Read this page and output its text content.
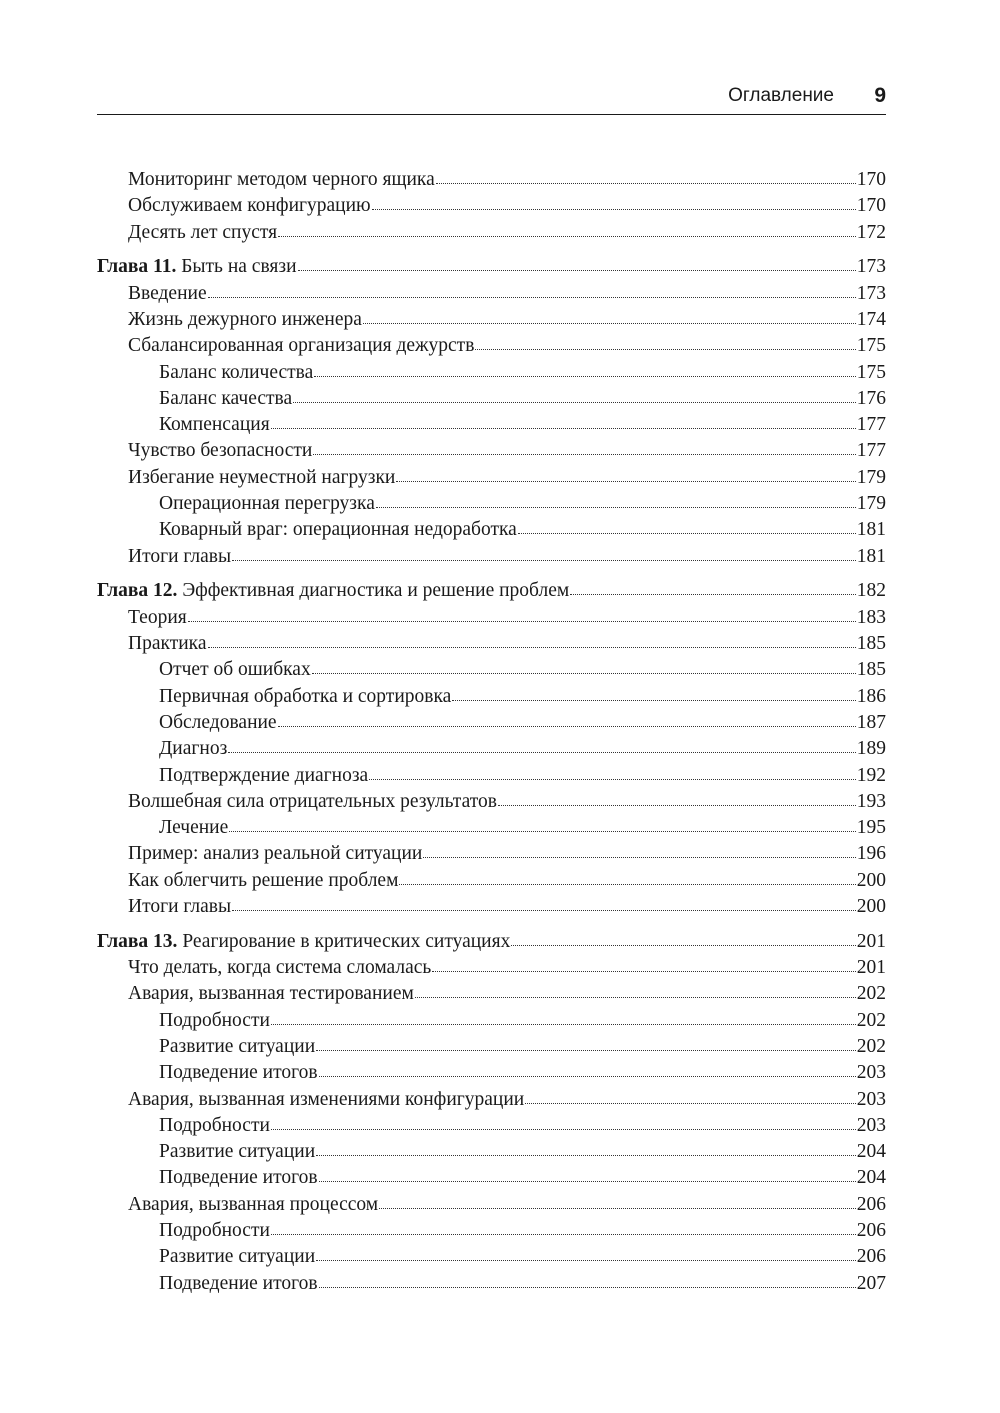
Оглавление 9
Мониторинг методом черного ящика	170
Обслуживаем конфигурацию	170
Десять лет спустя	172
Глава 11. Быть на связи	173
Введение	173
Жизнь дежурного инженера	174
Сбалансированная организация дежурств	175
Баланс количества	175
Баланс качества	176
Компенсация	177
Чувство безопасности	177
Избегание неуместной нагрузки	179
Операционная перегрузка	179
Коварный враг: операционная недоработка	181
Итоги главы	181
Глава 12. Эффективная диагностика и решение проблем	182
Теория	183
Практика	185
Отчет об ошибках	185
Первичная обработка и сортировка	186
Обследование	187
Диагноз	189
Подтверждение диагноза	192
Волшебная сила отрицательных результатов	193
Лечение	195
Пример: анализ реальной ситуации	196
Как облегчить решение проблем	200
Итоги главы	200
Глава 13. Реагирование в критических ситуациях	201
Что делать, когда система сломалась	201
Авария, вызванная тестированием	202
Подробности	202
Развитие ситуации	202
Подведение итогов	203
Авария, вызванная изменениями конфигурации	203
Подробности	203
Развитие ситуации	204
Подведение итогов	204
Авария, вызванная процессом	206
Подробности	206
Развитие ситуации	206
Подведение итогов	207
